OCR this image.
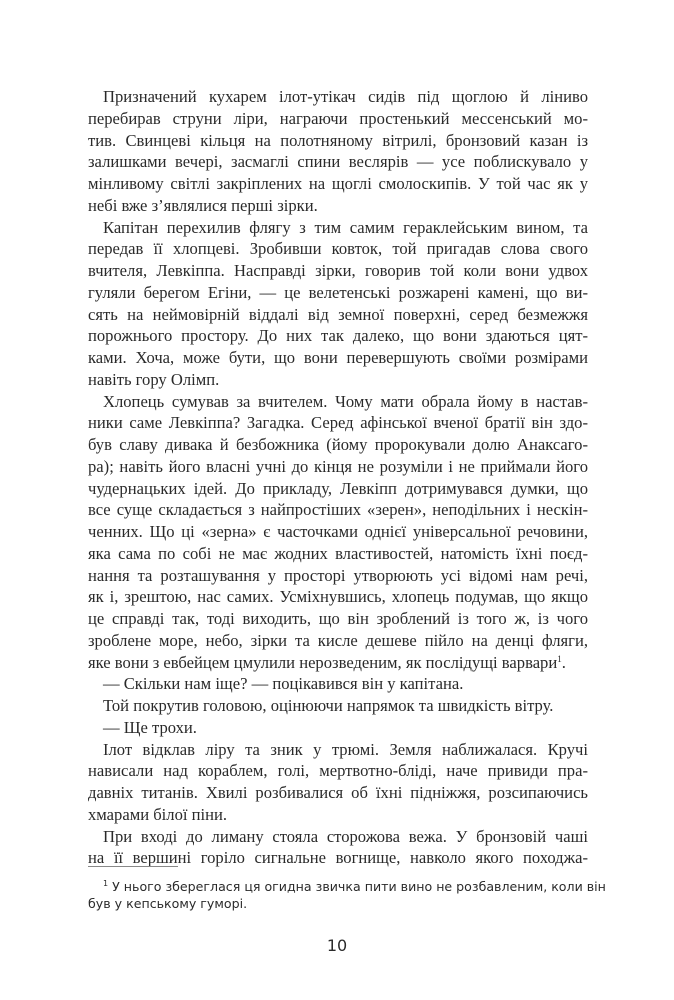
Призначений кухарем ілот-утікач сидів під щоглою й ліниво
перебирав струни ліри, награючи простенький мессенський мо-
тив. Свинцеві кільця на полотняному вітрилі, бронзовий казан із
залишками вечері, засмаглі спини веслярів — усе поблискувало у
мінливому світлі закріплених на щоглі смолоскипів. У той час як у
небі вже з’являлися перші зірки.
Капітан перехилив флягу з тим самим гераклейським вином, та
передав її хлопцеві. Зробивши ковток, той пригадав слова свого
вчителя, Левкіппа. Насправді зірки, говорив той коли вони удвох
гуляли берегом Егіни, — це велетенські розжарені камені, що ви-
сять на неймовірній віддалі від земної поверхні, серед безмежжя
порожнього простору. До них так далеко, що вони здаються цят-
ками. Хоча, може бути, що вони перевершують своїми розмірами
навіть гору Олімп.
Хлопець сумував за вчителем. Чому мати обрала йому в настав-
ники саме Левкіппа? Загадка. Серед афінської вченої братії він здо-
був славу дивака й безбожника (йому пророкували долю Анаксаго-
ра); навіть його власні учні до кінця не розуміли і не приймали його
чудернацьких ідей. До прикладу, Левкіпп дотримувався думки, що
все суще складається з найпростіших «зерен», неподільних і нескін-
ченних. Що ці «зерна» є часточками однієї універсальної речовини,
яка сама по собі не має жодних властивостей, натомість їхні поєд-
нання та розташування у просторі утворюють усі відомі нам речі,
як і, зрештою, нас самих. Усміхнувшись, хлопець подумав, що якщо
це справді так, тоді виходить, що він зроблений із того ж, із чого
зроблене море, небо, зірки та кисле дешеве пійло на денці фляги,
яке вони з евбейцем цмулили нерозведеним, як послідущі варвари$^1$.
— Скільки нам іще? — поцікавився він у капітана.
Той покрутив головою, оцінюючи напрямок та швидкість вітру.
— Ще трохи.
Ілот відклав ліру та зник у трюмі. Земля наближалася. Кручі
нависали над кораблем, голі, мертвотно-бліді, наче привиди пра-
давніх титанів. Хвилі розбивалися об їхні підніжжя, розсипаючись
хмарами білої піни.
При вході до лиману стояла сторожова вежа. У бронзовій чаші
на її вершині горіло сигнальне вогнище, навколо якого походжа-
$^1$ У нього збереглася ця огидна звичка пити вино не розбавленим, коли він
був у кепському гуморі.
10
